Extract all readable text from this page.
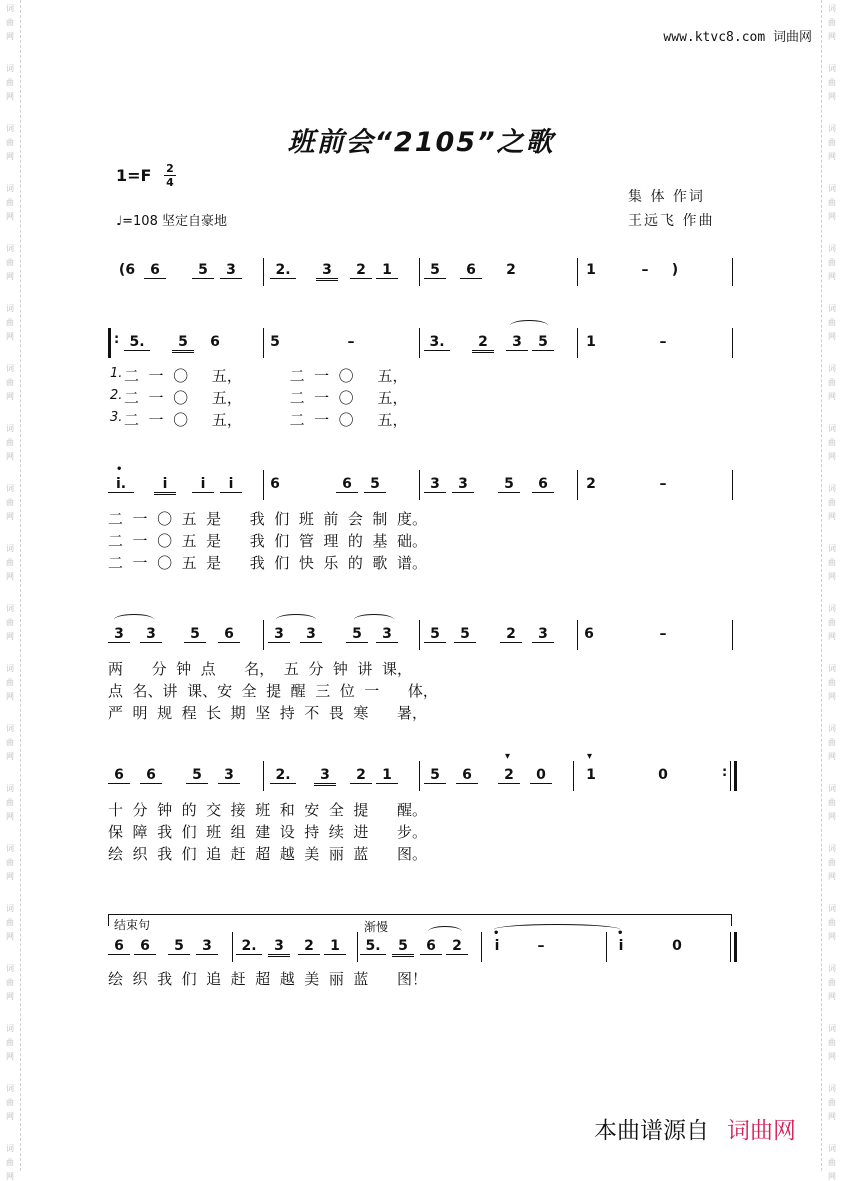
www.ktvc8.com 词曲网
班前会“2105”之歌
1=F 2
4
♩=108 坚定自豪地
集 体 作词
王远飞 作曲
(6	6	5	3	2.	3	2	1	5	6	2	1	–	)
: 5.	5	6	5	–	3.	2	3	5	1	–
1. 二  一  〇     五，          二  一  〇     五，
2. 二  一  〇     五，          二  一  〇     五，
3. 二  一  〇     五，          二  一  〇     五，
•
i.	i	i	i	6	6	5	3	3	5	6	2	–
二  一  〇  五  是      我  们  班  前  会  制  度。
二  一  〇  五  是      我  们  管  理  的  基  础。
二  一  〇  五  是      我  们  快  乐  的  歌  谱。
3	3	5	6	3	3	5	3	5	5	2	3	6	–
两      分  钟  点      名，  五  分  钟  讲  课，
点  名、讲  课、安  全  提  醒  三  位  一      体，
严  明  规  程  长  期  坚  持  不  畏  寒      暑，
6	6	5	3	2.	3	2	1	5	6
▾
2	0
▾
1	0	:
十  分  钟  的  交  接  班  和  安  全  提      醒。
保  障  我  们  班  组  建  设  持  续  进      步。
绘  织  我  们  追  赶  超  越  美  丽  蓝      图。
结束句	渐慢
6	6	5	3	2.	3	2	1	5.	5	6	2
•
i	–
•
i	0
绘  织  我  们  追  赶  超  越  美  丽  蓝      图！
本曲谱源自 词曲网
词
曲
网
词
曲
网
词
曲
网
词
曲
网
词
曲
网
词
曲
网
词
曲
网
词
曲
网
词
曲
网
词
曲
网
词
曲
网
词
曲
网
词
曲
网
词
曲
网
词
曲
网
词
曲
网
词
曲
网
词
曲
网
词
曲
网
词
曲
网
词
曲
网
词
曲
网
词
曲
网
词
曲
网
词
曲
网
词
曲
网
词
曲
网
词
曲
网
词
曲
网
词
曲
网
词
曲
网
词
曲
网
词
曲
网
词
曲
网
词
曲
网
词
曲
网
词
曲
网
词
曲
网
词
曲
网
词
曲
网
